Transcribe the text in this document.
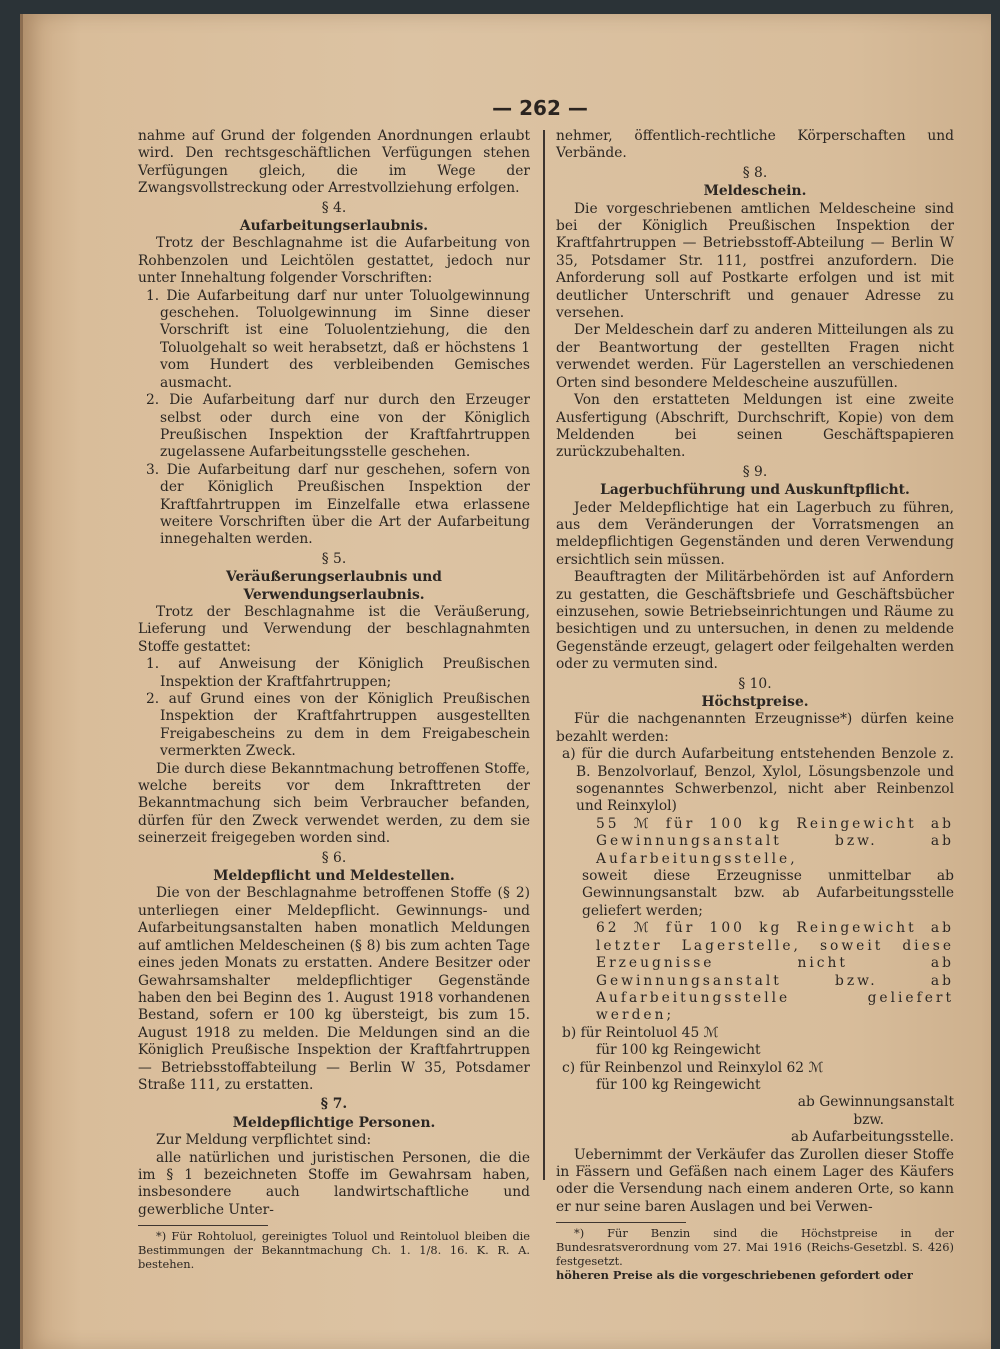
— 262 —

nahme auf Grund der folgenden Anordnungen erlaubt wird. Den rechtsgeschäftlichen Verfügungen stehen Verfügungen gleich, die im Wege der Zwangsvollstreckung oder Arrestvollziehung erfolgen.

§ 4.

Aufarbeitungserlaubnis.

Trotz der Beschlagnahme ist die Aufarbeitung von Rohbenzolen und Leichtölen gestattet, jedoch nur unter Innehaltung folgender Vorschriften:

1. Die Aufarbeitung darf nur unter Toluolgewinnung geschehen. Toluolgewinnung im Sinne dieser Vorschrift ist eine Toluolentziehung, die den Toluolgehalt so weit herabsetzt, daß er höchstens 1 vom Hundert des verbleibenden Gemisches ausmacht.

2. Die Aufarbeitung darf nur durch den Erzeuger selbst oder durch eine von der Königlich Preußischen Inspektion der Kraftfahrtruppen zugelassene Aufarbeitungsstelle geschehen.

3. Die Aufarbeitung darf nur geschehen, sofern von der Königlich Preußischen Inspektion der Kraftfahrtruppen im Einzelfalle etwa erlassene weitere Vorschriften über die Art der Aufarbeitung innegehalten werden.

§ 5.

Veräußerungserlaubnis und Verwendungserlaubnis.

Trotz der Beschlagnahme ist die Veräußerung, Lieferung und Verwendung der beschlagnahmten Stoffe gestattet:

1. auf Anweisung der Königlich Preußischen Inspektion der Kraftfahrtruppen;

2. auf Grund eines von der Königlich Preußischen Inspektion der Kraftfahrtruppen ausgestellten Freigabescheins zu dem in dem Freigabeschein vermerkten Zweck.

Die durch diese Bekanntmachung betroffenen Stoffe, welche bereits vor dem Inkrafttreten der Bekanntmachung sich beim Verbraucher befanden, dürfen für den Zweck verwendet werden, zu dem sie seinerzeit freigegeben worden sind.

§ 6.

Meldepflicht und Meldestellen.

Die von der Beschlagnahme betroffenen Stoffe (§ 2) unterliegen einer Meldepflicht. Gewinnungs- und Aufarbeitungsanstalten haben monatlich Meldungen auf amtlichen Meldescheinen (§ 8) bis zum achten Tage eines jeden Monats zu erstatten. Andere Besitzer oder Gewahrsamshalter meldepflichtiger Gegenstände haben den bei Beginn des 1. August 1918 vorhandenen Bestand, sofern er 100 kg übersteigt, bis zum 15. August 1918 zu melden. Die Meldungen sind an die Königlich Preußische Inspektion der Kraftfahrtruppen — Betriebsstoffabteilung — Berlin W 35, Potsdamer Straße 111, zu erstatten.

§ 7.

Meldepflichtige Personen.

Zur Meldung verpflichtet sind:

alle natürlichen und juristischen Personen, die die im § 1 bezeichneten Stoffe im Gewahrsam haben, insbesondere auch landwirtschaftliche und gewerbliche Unter-

*) Für Rohtoluol, gereinigtes Toluol und Reintoluol bleiben die Bestimmungen der Bekanntmachung Ch. 1. 1/8. 16. K. R. A. bestehen.

nehmer, öffentlich-rechtliche Körperschaften und Verbände.

§ 8.

Meldeschein.

Die vorgeschriebenen amtlichen Meldescheine sind bei der Königlich Preußischen Inspektion der Kraftfahrtruppen — Betriebsstoff-Abteilung — Berlin W 35, Potsdamer Str. 111, postfrei anzufordern. Die Anforderung soll auf Postkarte erfolgen und ist mit deutlicher Unterschrift und genauer Adresse zu versehen.

Der Meldeschein darf zu anderen Mitteilungen als zu der Beantwortung der gestellten Fragen nicht verwendet werden. Für Lagerstellen an verschiedenen Orten sind besondere Meldescheine auszufüllen.

Von den erstatteten Meldungen ist eine zweite Ausfertigung (Abschrift, Durchschrift, Kopie) von dem Meldenden bei seinen Geschäftspapieren zurückzubehalten.

§ 9.

Lagerbuchführung und Auskunftpflicht.

Jeder Meldepflichtige hat ein Lagerbuch zu führen, aus dem Veränderungen der Vorratsmengen an meldepflichtigen Gegenständen und deren Verwendung ersichtlich sein müssen.

Beauftragten der Militärbehörden ist auf Anfordern zu gestatten, die Geschäftsbriefe und Geschäftsbücher einzusehen, sowie Betriebseinrichtungen und Räume zu besichtigen und zu untersuchen, in denen zu meldende Gegenstände erzeugt, gelagert oder feilgehalten werden oder zu vermuten sind.

§ 10.

Höchstpreise.

Für die nachgenannten Erzeugnisse*) dürfen keine bezahlt werden:

a) für die durch Aufarbeitung entstehenden Benzole z. B. Benzolvorlauf, Benzol, Xylol, Lösungsbenzole und sogenanntes Schwerbenzol, nicht aber Reinbenzol und Reinxylol)

55 ℳ für 100 kg Reingewicht ab Gewinnungsanstalt bzw. ab Aufarbeitungsstelle,

soweit diese Erzeugnisse unmittelbar ab Gewinnungsanstalt bzw. ab Aufarbeitungsstelle geliefert werden;

62 ℳ für 100 kg Reingewicht ab letzter Lagerstelle, soweit diese Erzeugnisse nicht ab Gewinnungsanstalt bzw. ab Aufarbeitungsstelle geliefert werden;

b) für Reintoluol 45 ℳ

für 100 kg Reingewicht

c) für Reinbenzol und Reinxylol 62 ℳ

für 100 kg Reingewicht

ab Gewinnungsanstalt

bzw.

ab Aufarbeitungsstelle.

Uebernimmt der Verkäufer das Zurollen dieser Stoffe in Fässern und Gefäßen nach einem Lager des Käufers oder die Versendung nach einem anderen Orte, so kann er nur seine baren Auslagen und bei Verwen-

*) Für Benzin sind die Höchstpreise in der Bundesratsverordnung vom 27. Mai 1916 (Reichs-Gesetzbl. S. 426) festgesetzt.

höheren Preise als die vorgeschriebenen gefordert oder
